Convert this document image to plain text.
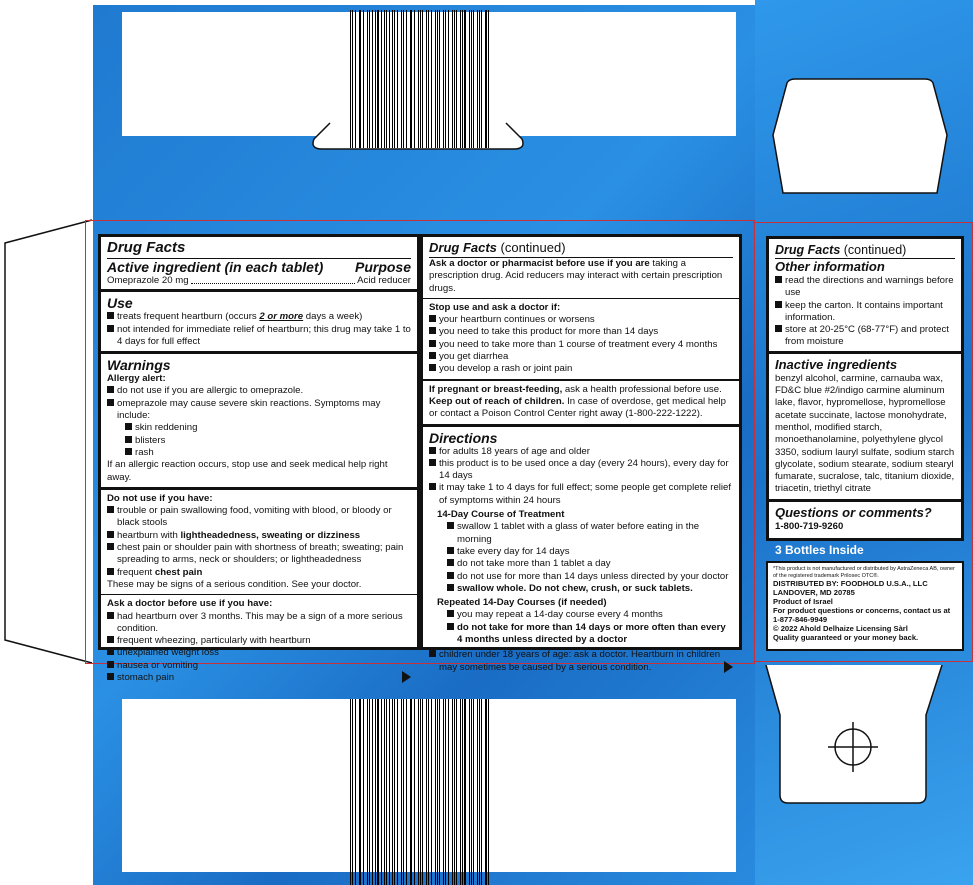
Drug Facts
Active ingredient (in each tablet) Purpose
Omeprazole 20 mg	Acid reducer
Use
treats frequent heartburn (occurs 2 or more days a week)
not intended for immediate relief of heartburn; this drug may take 1 to 4 days for full effect
Warnings
Allergy alert:
do not use if you are allergic to omeprazole.
omeprazole may cause severe skin reactions. Symptoms may include:
skin reddening
blisters
rash
If an allergic reaction occurs, stop use and seek medical help right away.
Do not use if you have:
trouble or pain swallowing food, vomiting with blood, or bloody or black stools
heartburn with lightheadedness, sweating or dizziness
chest pain or shoulder pain with shortness of breath; sweating; pain spreading to arms, neck or shoulders; or lightheadedness
frequent chest pain
These may be signs of a serious condition. See your doctor.
Ask a doctor before use if you have:
had heartburn over 3 months. This may be a sign of a more serious condition.
frequent wheezing, particularly with heartburn
unexplained weight loss
nausea or vomiting
stomach pain
Drug Facts (continued)
Ask a doctor or pharmacist before use if you are taking a prescription drug. Acid reducers may interact with certain prescription drugs.
Stop use and ask a doctor if:
your heartburn continues or worsens
you need to take this product for more than 14 days
you need to take more than 1 course of treatment every 4 months
you get diarrhea
you develop a rash or joint pain
If pregnant or breast-feeding, ask a health professional before use.
Keep out of reach of children. In case of overdose, get medical help or contact a Poison Control Center right away (1-800-222-1222).
Directions
for adults 18 years of age and older
this product is to be used once a day (every 24 hours), every day for 14 days
it may take 1 to 4 days for full effect; some people get complete relief of symptoms within 24 hours
14-Day Course of Treatment
swallow 1 tablet with a glass of water before eating in the morning
take every day for 14 days
do not take more than 1 tablet a day
do not use for more than 14 days unless directed by your doctor
swallow whole. Do not chew, crush, or suck tablets.
Repeated 14-Day Courses (if needed)
you may repeat a 14-day course every 4 months
do not take for more than 14 days or more often than every 4 months unless directed by a doctor
children under 18 years of age: ask a doctor. Heartburn in children may sometimes be caused by a serious condition.
Drug Facts (continued)
Other information
read the directions and warnings before use
keep the carton. It contains important information.
store at 20-25°C (68-77°F) and protect from moisture
Inactive ingredients
benzyl alcohol, carmine, carnauba wax, FD&C blue #2/indigo carmine aluminum lake, flavor, hypromellose, hypromellose acetate succinate, lactose monohydrate, menthol, modified starch, monoethanolamine, polyethylene glycol 3350, sodium lauryl sulfate, sodium starch glycolate, sodium stearate, sodium stearyl fumarate, sucralose, talc, titanium dioxide, triacetin, triethyl citrate
Questions or comments?
1-800-719-9260
3 Bottles Inside
*This product is not manufactured or distributed by AstraZeneca AB, owner of the registered trademark Prilosec OTC®.
DISTRIBUTED BY: FOODHOLD U.S.A., LLC
LANDOVER, MD 20785
Product of Israel
For product questions or concerns, contact us at 1-877-846-9949
© 2022 Ahold Delhaize Licensing Sàrl
Quality guaranteed or your money back.
